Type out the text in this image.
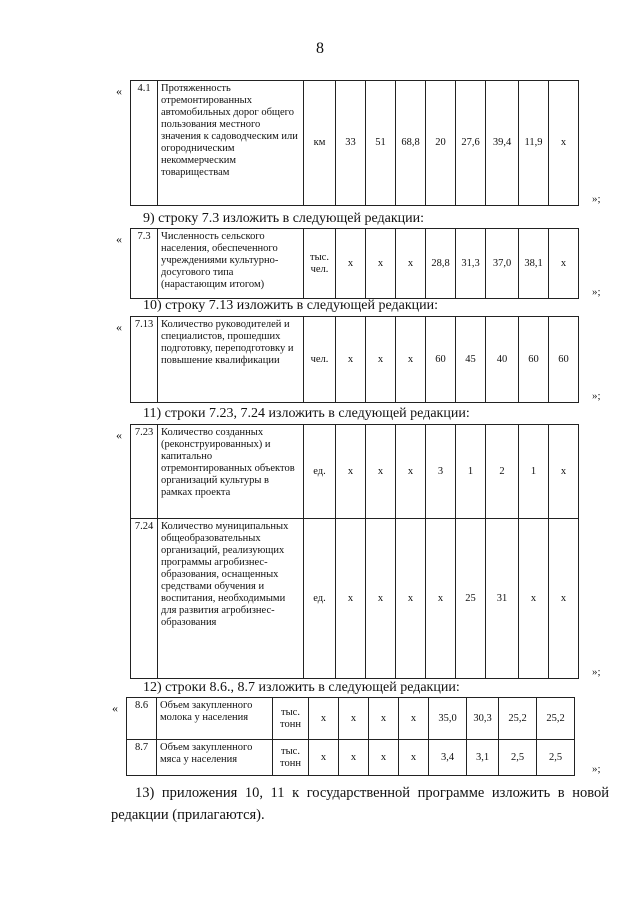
8
« 4.1	Протяженность отремонтированных автомобильных дорог общего пользования местного значения к садоводческим или огородническим некоммерческим товариществам	км	33	51	68,8	20	27,6	39,4	11,9	х
»;
9) строку 7.3 изложить в следующей редакции:
« 7.3	Численность сельского населения, обеспеченного учреждениями культурно-досугового типа (нарастающим итогом)	тыс. чел.	х	х	х	28,8	31,3	37,0	38,1	х
»;
10) строку 7.13 изложить в следующей редакции:
« 7.13	Количество руководителей и специалистов, прошедших подготовку, переподготовку и повышение квалификации	чел.	х	х	х	60	45	40	60	60
»;
11) строки 7.23, 7.24 изложить в следующей редакции:
« 7.23	Количество созданных (реконструированных) и капитально отремонтированных объектов организаций культуры в рамках проекта	ед.	х	х	х	3	1	2	1	х
7.24	Количество муниципальных общеобразовательных организаций, реализующих программы агробизнес-образования, оснащенных средствами обучения и воспитания, необходимыми для развития агробизнес-образования	ед.	х	х	х	х	25	31	х	х
»;
12) строки 8.6., 8.7 изложить в следующей редакции:
« 8.6	Объем закупленного молока у населения	тыс. тонн	х	х	х	х	35,0	30,3	25,2	25,2
8.7	Объем закупленного мяса у населения	тыс. тонн	х	х	х	х	3,4	3,1	2,5	2,5
»;
13) приложения 10, 11 к государственной программе изложить в новой редакции (прилагаются).
